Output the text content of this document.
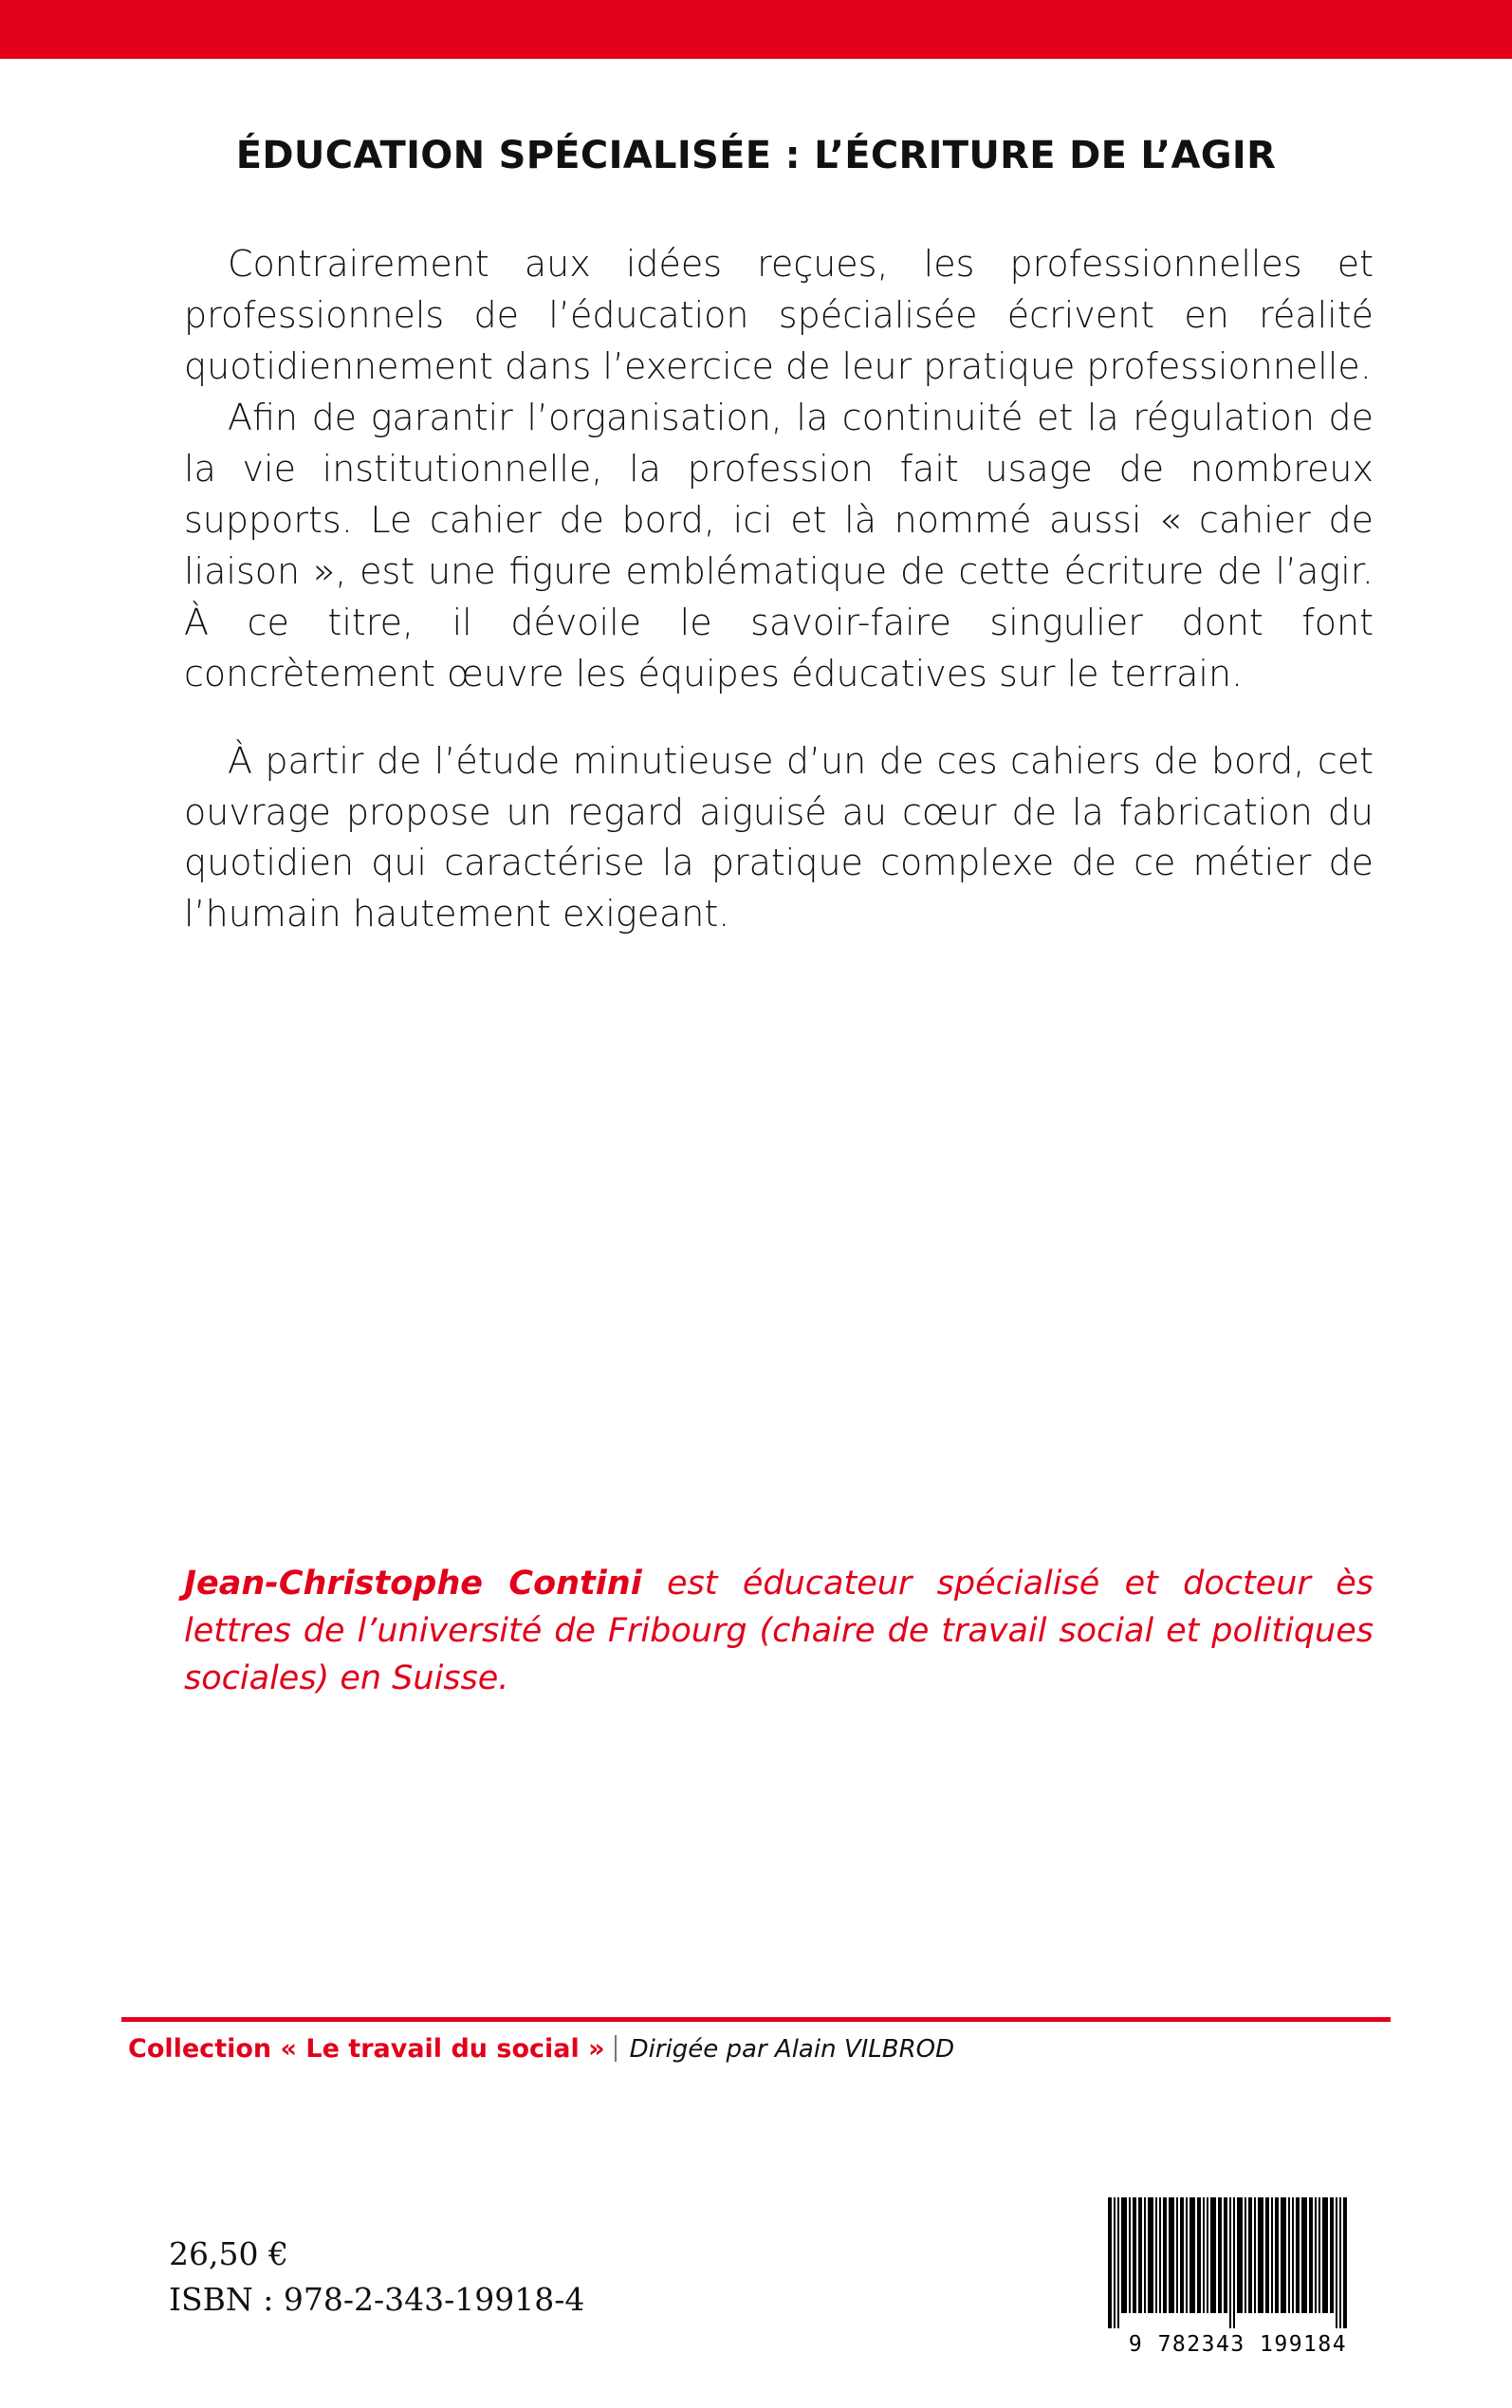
ÉDUCATION SPÉCIALISÉE : L’ÉCRITURE DE L’AGIR

Contrairement aux idées reçues, les professionnelles et professionnels de l’éducation spécialisée écrivent en réalité quotidiennement dans l’exercice de leur pratique professionnelle.

Afin de garantir l’organisation, la continuité et la régulation de la vie institutionnelle, la profession fait usage de nombreux supports. Le cahier de bord, ici et là nommé aussi « cahier de liaison », est une figure emblématique de cette écriture de l’agir. À ce titre, il dévoile le savoir-faire singulier dont font concrètement œuvre les équipes éducatives sur le terrain.

À partir de l’étude minutieuse d’un de ces cahiers de bord, cet ouvrage propose un regard aiguisé au cœur de la fabrication du quotidien qui caractérise la pratique complexe de ce métier de l’humain hautement exigeant.

Jean-Christophe Contini est éducateur spécialisé et docteur ès lettres de l’université de Fribourg (chaire de travail social et politiques sociales) en Suisse.
Collection « Le travail du social » Dirigée par Alain VILBROD
26,50 €
ISBN : 978-2-343-19918-4
9 782343 199184
